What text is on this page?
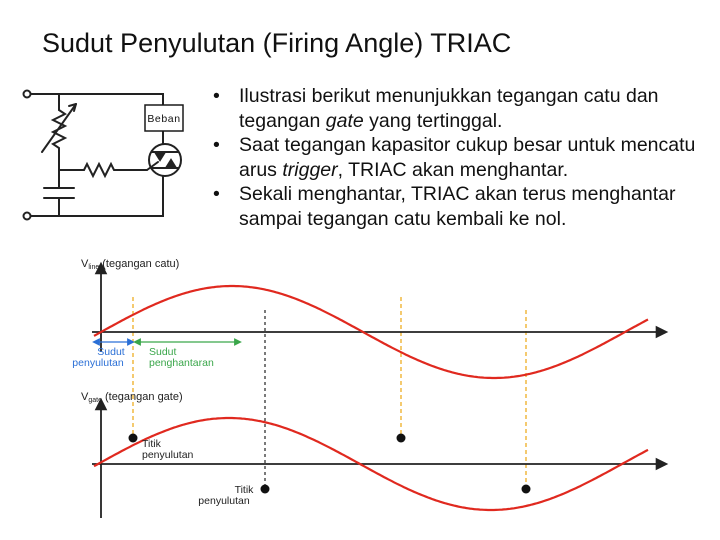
Sudut Penyulutan (Firing Angle) TRIAC
• Ilustrasi berikut menunjukkan tegangan catu dan tegangan gate yang tertinggal.
• Saat tegangan kapasitor cukup besar untuk mencatu arus trigger, TRIAC akan menghantar.
• Sekali menghantar, TRIAC akan terus menghantar sampai tegangan catu kembali ke nol.
Beban
Vline (tegangan catu)
Vgate (tegangan gate)
Sudut
penyulutan
Sudut
penghantaran
Titik
penyulutan
Titik
penyulutan
